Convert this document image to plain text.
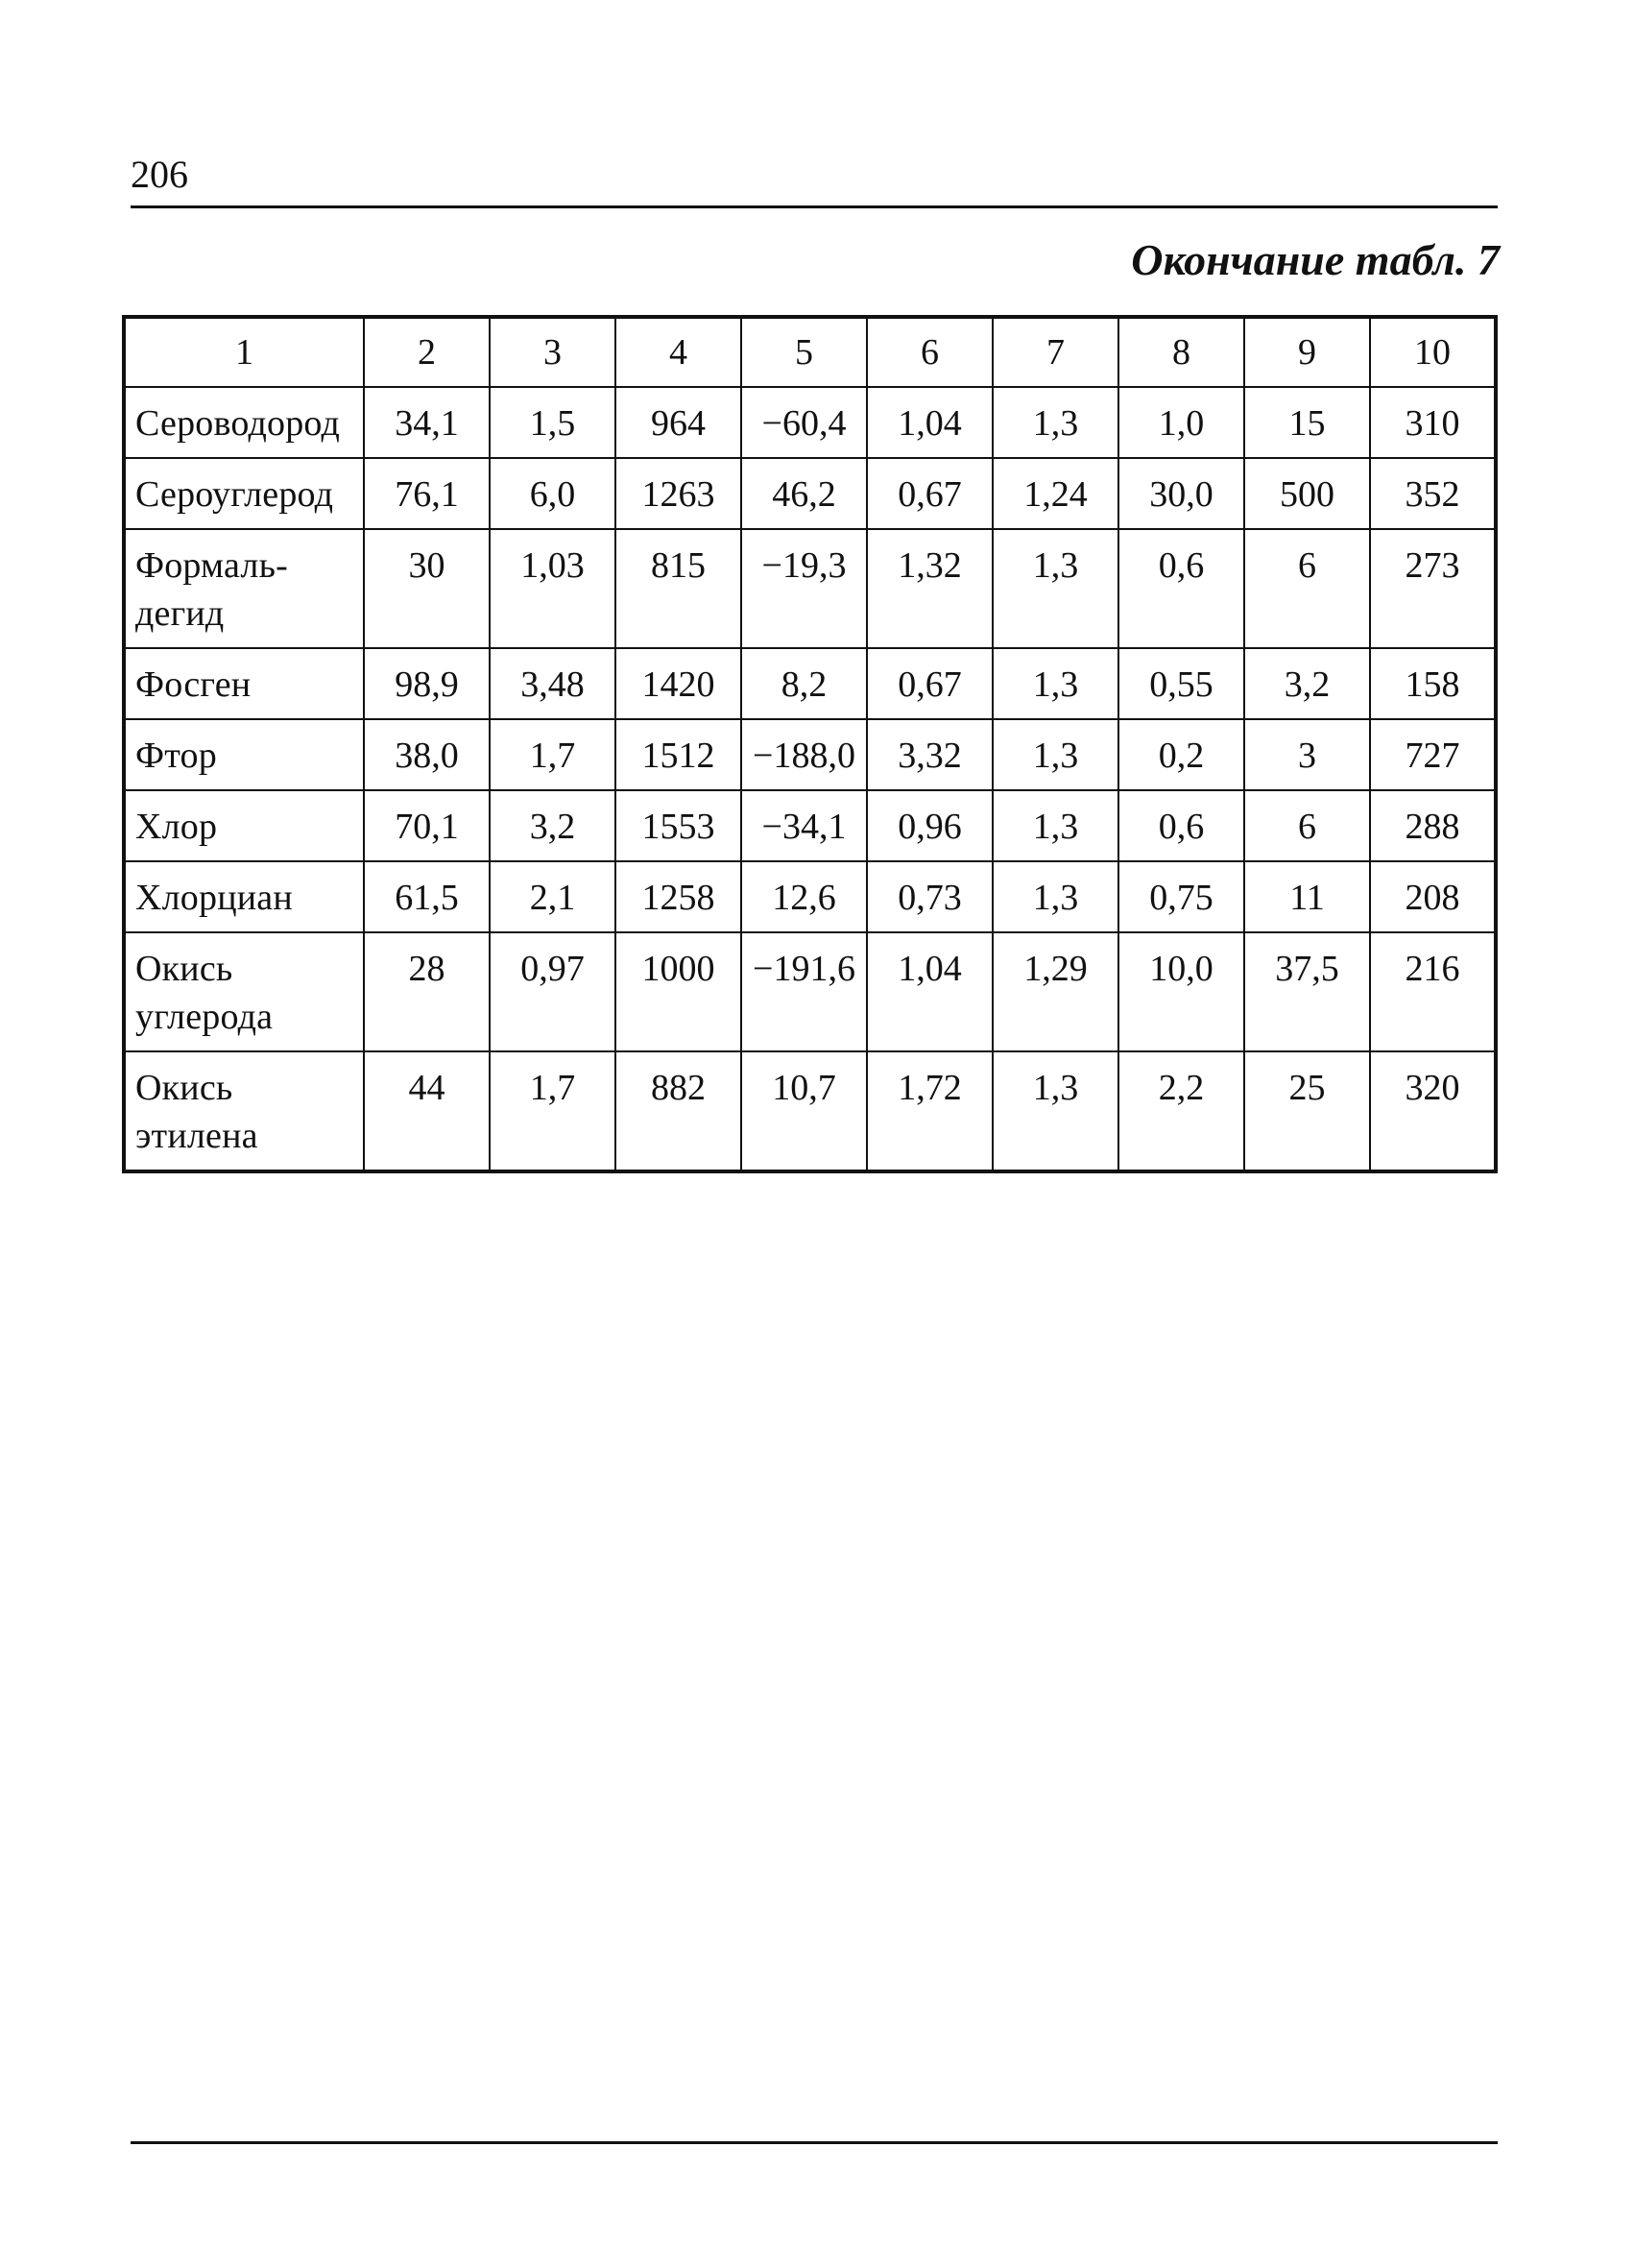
206
Окончание табл. 7
1	2	3	4	5	6	7	8	9	10

Сероводород	34,1	1,5	964	−60,4	1,04	1,3	1,0	15	310

Сероуглерод	76,1	6,0	1263	46,2	0,67	1,24	30,0	500	352

Формаль-
дегид	30	1,03	815	−19,3	1,32	1,3	0,6	6	273

Фосген	98,9	3,48	1420	8,2	0,67	1,3	0,55	3,2	158

Фтор	38,0	1,7	1512	−188,0	3,32	1,3	0,2	3	727

Хлор	70,1	3,2	1553	−34,1	0,96	1,3	0,6	6	288

Хлорциан	61,5	2,1	1258	12,6	0,73	1,3	0,75	11	208

Окись
углерода	28	0,97	1000	−191,6	1,04	1,29	10,0	37,5	216

Окись
этилена	44	1,7	882	10,7	1,72	1,3	2,2	25	320
